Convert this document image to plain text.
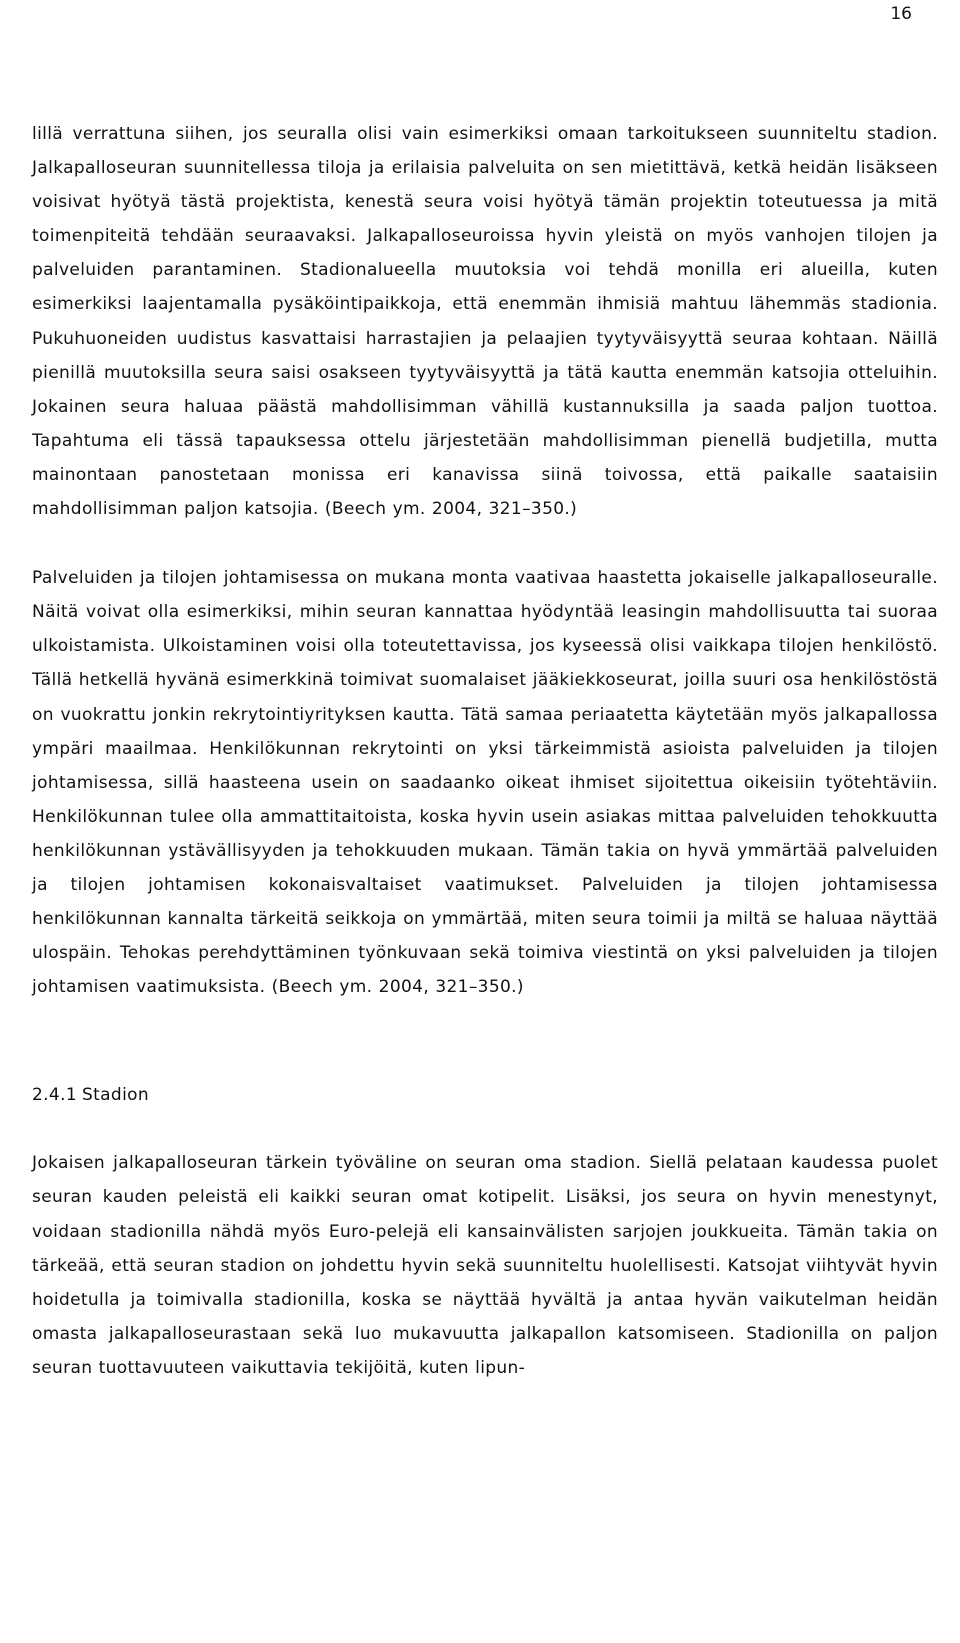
16

lillä verrattuna siihen, jos seuralla olisi vain esimerkiksi omaan tarkoitukseen suunniteltu stadion. Jalkapalloseuran suunnitellessa tiloja ja erilaisia palveluita on sen mietittävä, ketkä heidän lisäkseen voisivat hyötyä tästä projektista, kenestä seura voisi hyötyä tämän projektin toteutuessa ja mitä toimenpiteitä tehdään seuraavaksi. Jalkapalloseuroissa hyvin yleistä on myös vanhojen tilojen ja palveluiden parantaminen. Stadionalueella muutoksia voi tehdä monilla eri alueilla, kuten esimerkiksi laajentamalla pysäköintipaikkoja, että enemmän ihmisiä mahtuu lähemmäs stadionia. Pukuhuoneiden uudistus kasvattaisi harrastajien ja pelaajien tyytyväisyyttä seuraa kohtaan. Näillä pienillä muutoksilla seura saisi osakseen tyytyväisyyttä ja tätä kautta enemmän katsojia otteluihin. Jokainen seura haluaa päästä mahdollisimman vähillä kustannuksilla ja saada paljon tuottoa. Tapahtuma eli tässä tapauksessa ottelu järjestetään mahdollisimman pienellä budjetilla, mutta mainontaan panostetaan monissa eri kanavissa siinä toivossa, että paikalle saataisiin mahdollisimman paljon katsojia. (Beech ym. 2004, 321–350.)

Palveluiden ja tilojen johtamisessa on mukana monta vaativaa haastetta jokaiselle jalkapalloseuralle. Näitä voivat olla esimerkiksi, mihin seuran kannattaa hyödyntää leasingin mahdollisuutta tai suoraa ulkoistamista. Ulkoistaminen voisi olla toteutettavissa, jos kyseessä olisi vaikkapa tilojen henkilöstö. Tällä hetkellä hyvänä esimerkkinä toimivat suomalaiset jääkiekkoseurat, joilla suuri osa henkilöstöstä on vuokrattu jonkin rekrytointiyrityksen kautta. Tätä samaa periaatetta käytetään myös jalkapallossa ympäri maailmaa. Henkilökunnan rekrytointi on yksi tärkeimmistä asioista palveluiden ja tilojen johtamisessa, sillä haasteena usein on saadaanko oikeat ihmiset sijoitettua oikeisiin työtehtäviin. Henkilökunnan tulee olla ammattitaitoista, koska hyvin usein asiakas mittaa palveluiden tehokkuutta henkilökunnan ystävällisyyden ja tehokkuuden mukaan. Tämän takia on hyvä ymmärtää palveluiden ja tilojen johtamisen kokonaisvaltaiset vaatimukset. Palveluiden ja tilojen johtamisessa henkilökunnan kannalta tärkeitä seikkoja on ymmärtää, miten seura toimii ja miltä se haluaa näyttää ulospäin. Tehokas perehdyttäminen työnkuvaan sekä toimiva viestintä on yksi palveluiden ja tilojen johtamisen vaatimuksista. (Beech ym. 2004, 321–350.)

2.4.1 Stadion

Jokaisen jalkapalloseuran tärkein työväline on seuran oma stadion. Siellä pelataan kaudessa puolet seuran kauden peleistä eli kaikki seuran omat kotipelit. Lisäksi, jos seura on hyvin menestynyt, voidaan stadionilla nähdä myös Euro-pelejä eli kansainvälisten sarjojen joukkueita. Tämän takia on tärkeää, että seuran stadion on johdettu hyvin sekä suunniteltu huolellisesti. Katsojat viihtyvät hyvin hoidetulla ja toimivalla stadionilla, koska se näyttää hyvältä ja antaa hyvän vaikutelman heidän omasta jalkapalloseurastaan sekä luo mukavuutta jalkapallon katsomiseen. Stadionilla on paljon seuran tuottavuuteen vaikuttavia tekijöitä, kuten lipun-
